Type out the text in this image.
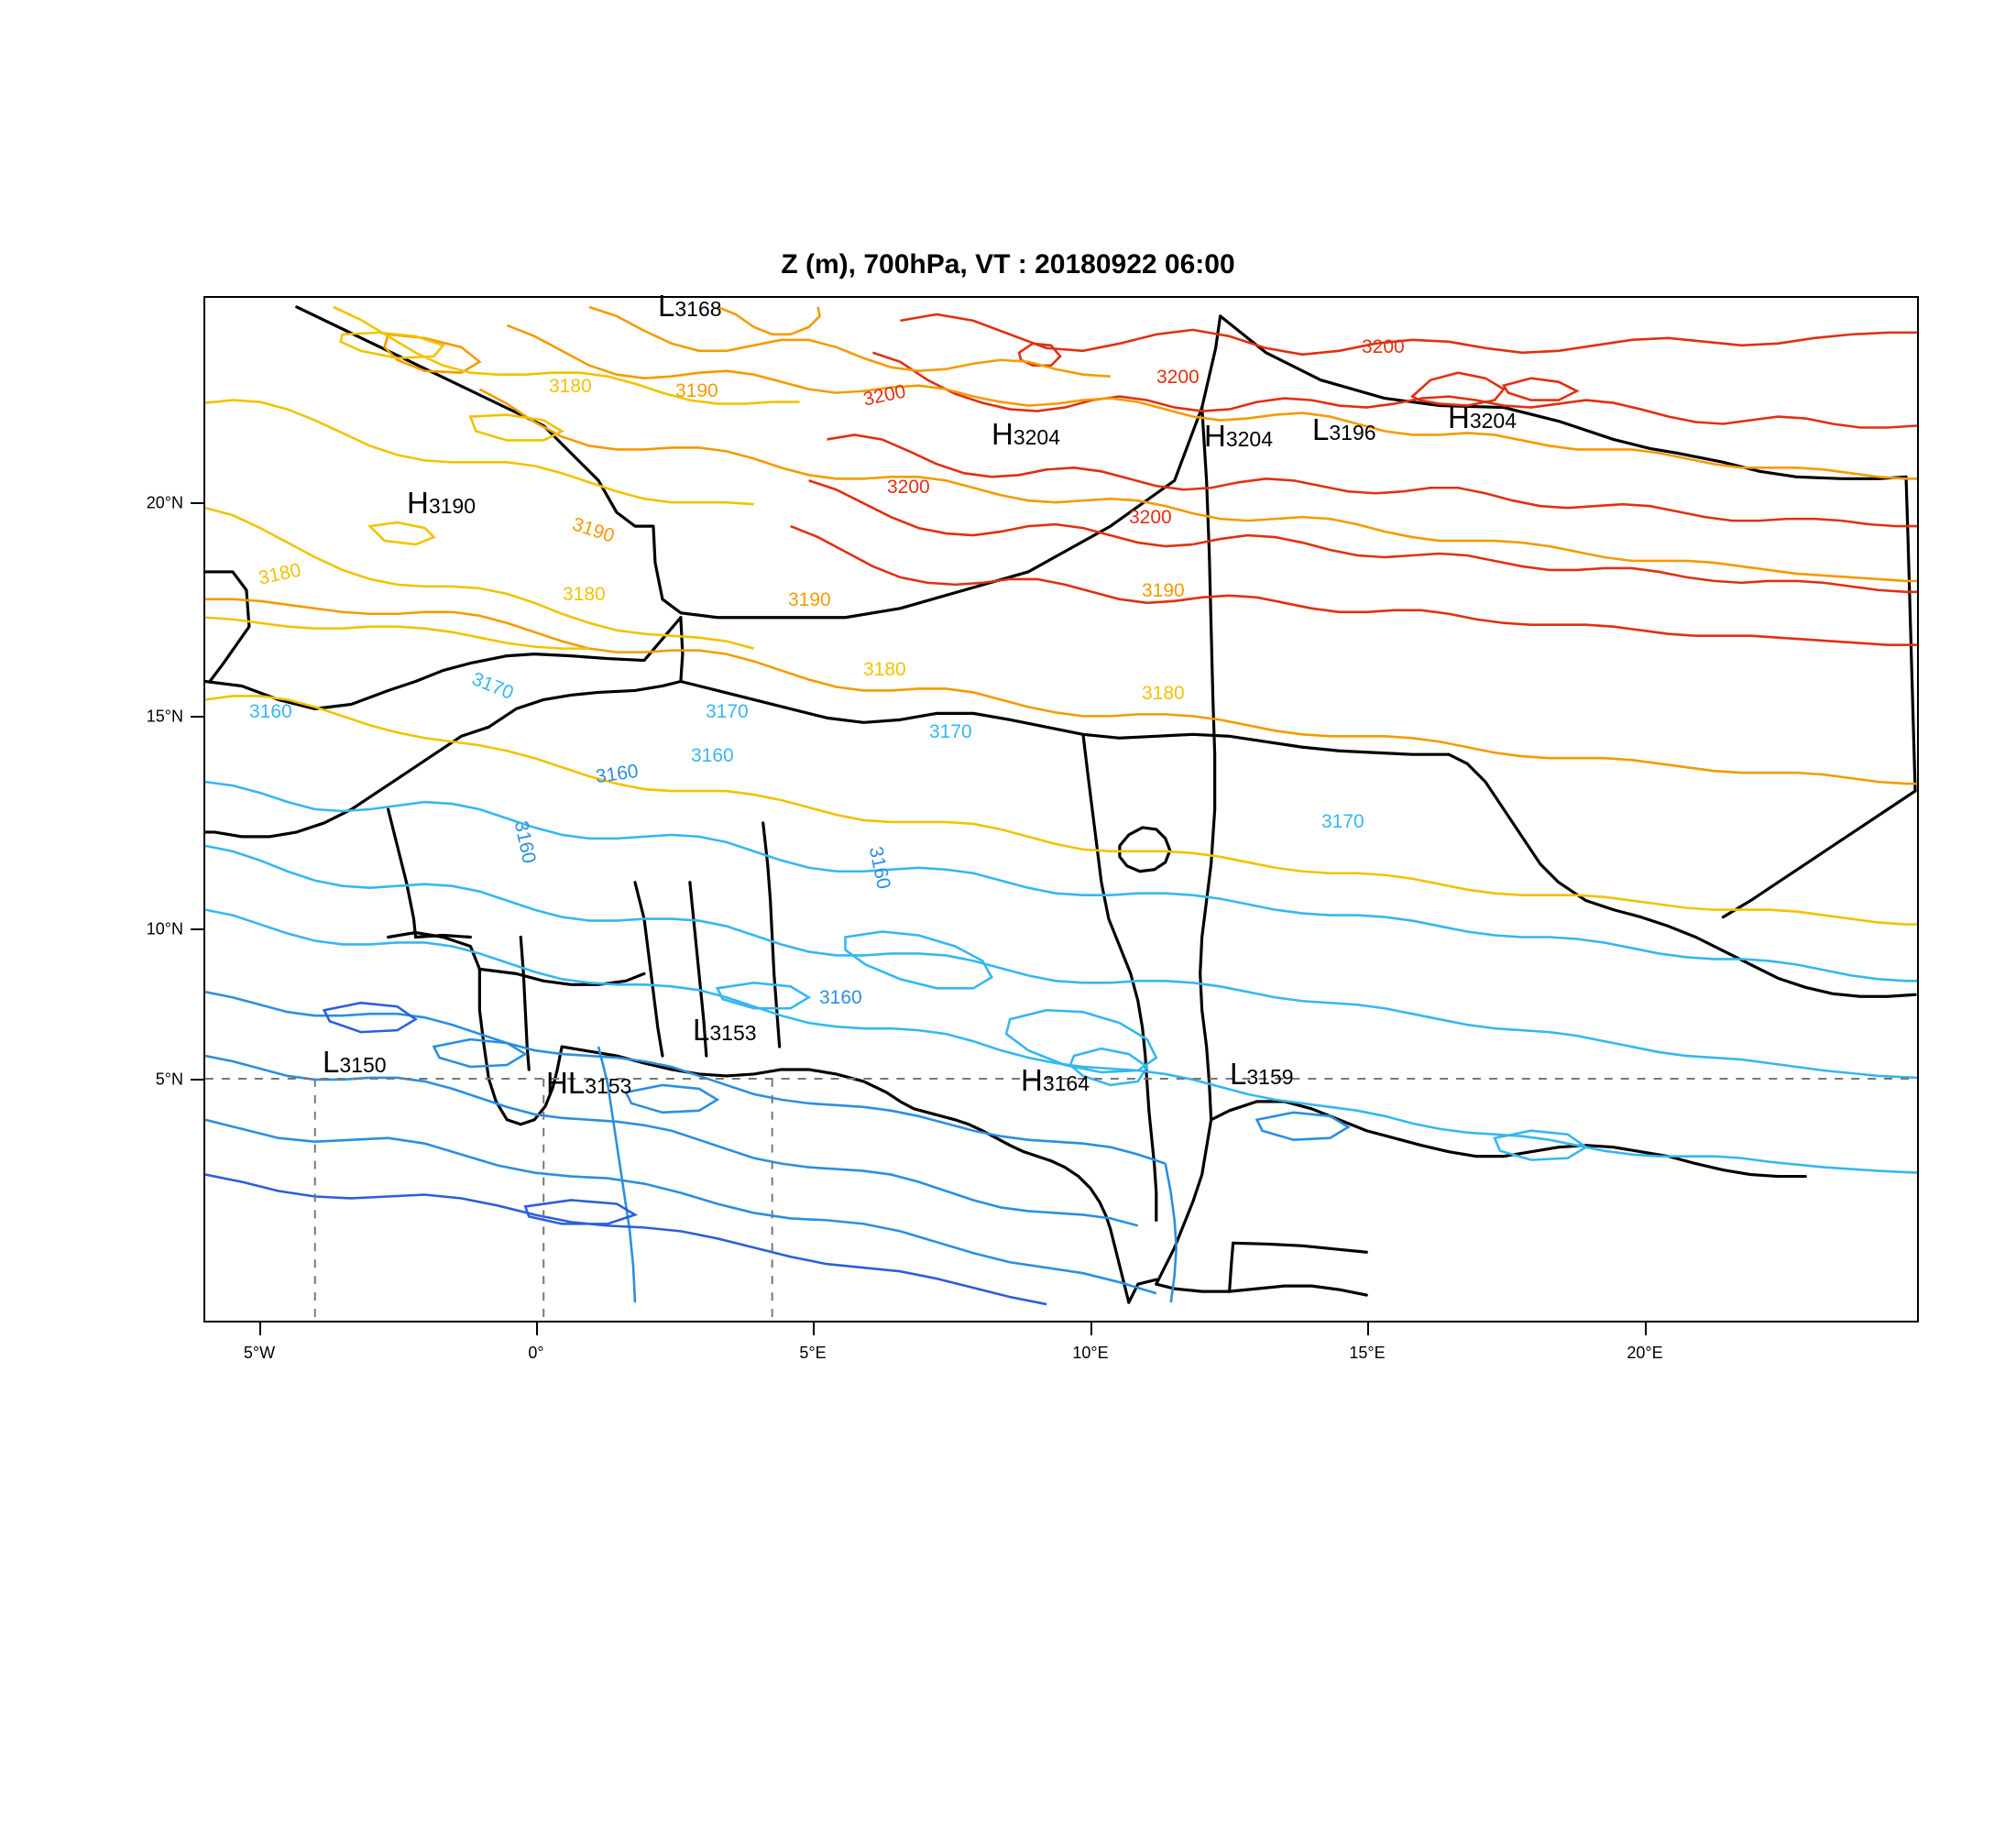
Z (m), 700hPa, VT : 20180922 06:00
3180	3190	3200
3200
3200
3200
3200
3190
3180
3180	3190	3190
3170	3180
3180
3160	3170
3170
3160
3160
3170
3160
3160
3160
L3168
H3190
H3204	H3204 L3196 H3204
L3150
HL3153
L3153
H3164	L3159
20°N
15°N
10°N
5°N
5°W	0°	5°E	10°E	15°E	20°E
